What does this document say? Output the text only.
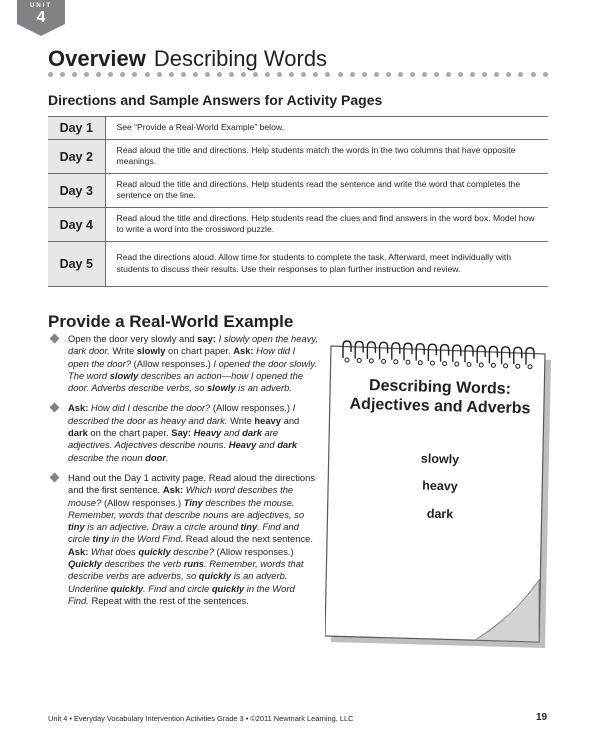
UNIT
4
Overview Describing Words
Directions and Sample Answers for Activity Pages
Day 1	See “Provide a Real-World Example” below.
Day 2	Read aloud the title and directions. Help students match the words in the two columns that have opposite meanings.
Day 3	Read aloud the title and directions. Help students read the sentence and write the word that completes the sentence on the line.
Day 4	Read aloud the title and directions. Help students read the clues and find answers in the word box. Model how to write a word into the crossword puzzle.
Day 5	Read the directions aloud. Allow time for students to complete the task. Afterward, meet individually with students to discuss their results. Use their responses to plan further instruction and review.
Provide a Real-World Example
Open the door very slowly and say: I slowly open the heavy, dark door. Write slowly on chart paper. Ask: How did I open the door? (Allow responses.) I opened the door slowly. The word slowly describes an action—how I opened the door. Adverbs describe verbs, so slowly is an adverb.
Ask: How did I describe the door? (Allow responses.) I described the door as heavy and dark. Write heavy and dark on the chart paper. Say: Heavy and dark are adjectives. Adjectives describe nouns. Heavy and dark describe the noun door.
Hand out the Day 1 activity page. Read aloud the directions and the first sentence. Ask: Which word describes the mouse? (Allow responses.) Tiny describes the mouse. Remember, words that describe nouns are adjectives, so tiny is an adjective. Draw a circle around tiny. Find and circle tiny in the Word Find. Read aloud the next sentence. Ask: What does quickly describe? (Allow responses.) Quickly describes the verb runs. Remember, words that describe verbs are adverbs, so quickly is an adverb. Underline quickly. Find and circle quickly in the Word Find. Repeat with the rest of the sentences.
Describing Words:
Adjectives and Adverbs
slowly
heavy
dark
Unit 4 • Everyday Vocabulary Intervention Activities Grade 3 • ©2011 Newmark Learning, LLC	19
